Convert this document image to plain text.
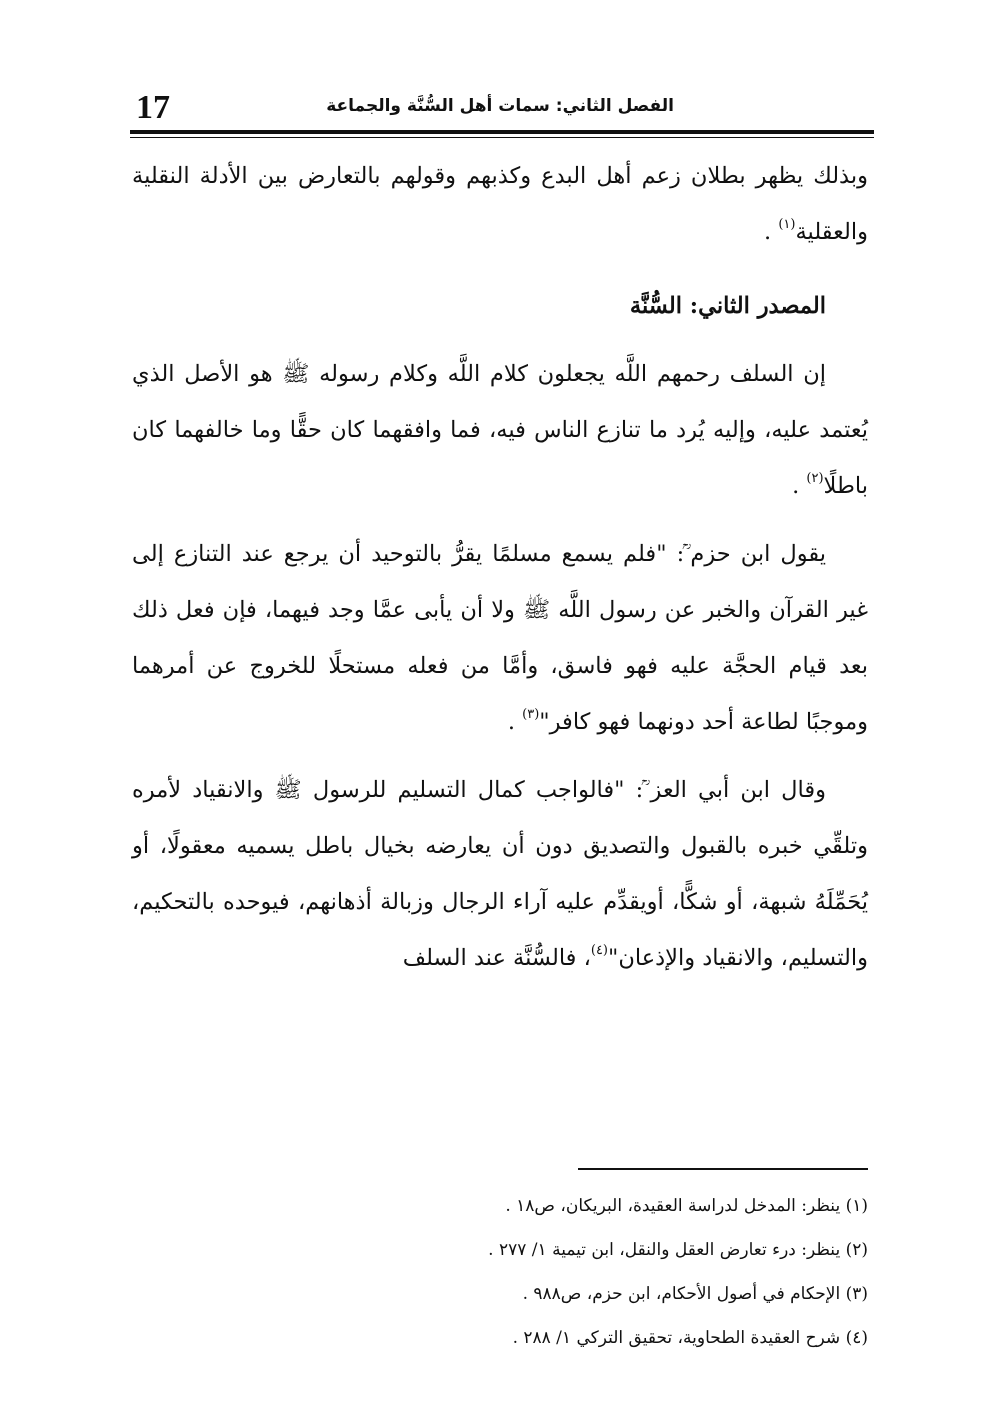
17	الفصل الثاني: سمات أهل السُّنَّة والجماعة

وبذلك يظهر بطلان زعم أهل البدع وكذبهم وقولهم بالتعارض بين الأدلة النقلية والعقلية$^{(١)}$ .

المصدر الثاني: السُّنَّة

إن السلف رحمهم اللَّه يجعلون كلام اللَّه وكلام رسوله ﷺ هو الأصل الذي يُعتمد عليه، وإليه يُرد ما تنازع الناس فيه، فما وافقهما كان حقًّا وما خالفهما كان باطلًا$^{(٢)}$ .

يقول ابن حزم ؒ: "فلم يسمع مسلمًا يقرُّ بالتوحيد أن يرجع عند التنازع إلى غير القرآن والخبر عن رسول اللَّه ﷺ ولا أن يأبى عمَّا وجد فيهما، فإن فعل ذلك بعد قيام الحجَّة عليه فهو فاسق، وأمَّا من فعله مستحلًا للخروج عن أمرهما وموجبًا لطاعة أحد دونهما فهو كافر"$^{(٣)}$ .

وقال ابن أبي العز ؒ: "فالواجب كمال التسليم للرسول ﷺ والانقياد لأمره وتلقِّي خبره بالقبول والتصديق دون أن يعارضه بخيال باطل يسميه معقولًا، أو يُحَمِّلَهُ شبهة، أو شكًّا، أويقدِّم عليه آراء الرجال وزبالة أذهانهم، فيوحده بالتحكيم، والتسليم، والانقياد والإذعان"$^{(٤)}$، فالسُّنَّة عند السلف

(١) ينظر: المدخل لدراسة العقيدة، البريكان، ص١٨ .

(٢) ينظر: درء تعارض العقل والنقل، ابن تيمية ١/ ٢٧٧ .

(٣) الإحكام في أصول الأحكام، ابن حزم، ص٩٨٨ .

(٤) شرح العقيدة الطحاوية، تحقيق التركي ١/ ٢٨٨ .
